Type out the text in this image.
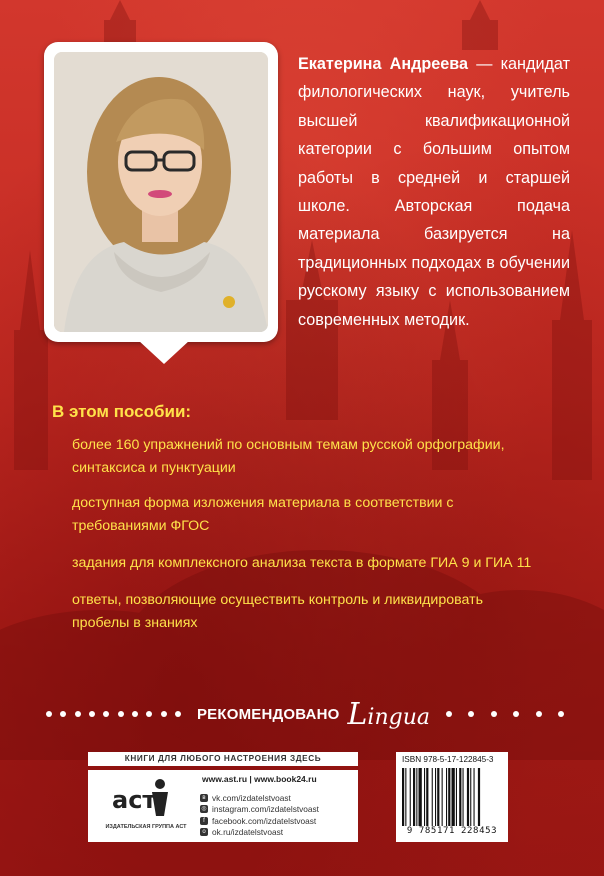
Екатерина Андреева — кандидат филологических наук, учитель высшей квалификационной категории с большим опытом работы в средней и старшей школе. Авторская подача материала базируется на традиционных подходах в обучении русскому языку с использованием современных методик.

В этом пособии:
более 160 упражнений по основным темам русской орфографии, синтаксиса и пунктуации
доступная форма изложения материала в соответствии с требованиями ФГОС
задания для комплексного анализа текста в формате ГИА 9 и ГИА 11
ответы, позволяющие осуществить контроль и ликвидировать пробелы в знаниях
РЕКОМЕНДОВАНО Lingua
КНИГИ ДЛЯ ЛЮБОГО НАСТРОЕНИЯ ЗДЕСЬ
аст
ИЗДАТЕЛЬСКАЯ ГРУППА АСТ
www.ast.ru | www.book24.ru
в vk.com/izdatelstvoast
◎ instagram.com/izdatelstvoast
f facebook.com/izdatelstvoast
o ok.ru/izdatelstvoast
ISBN 978-5-17-122845-3
9 785171 228453
